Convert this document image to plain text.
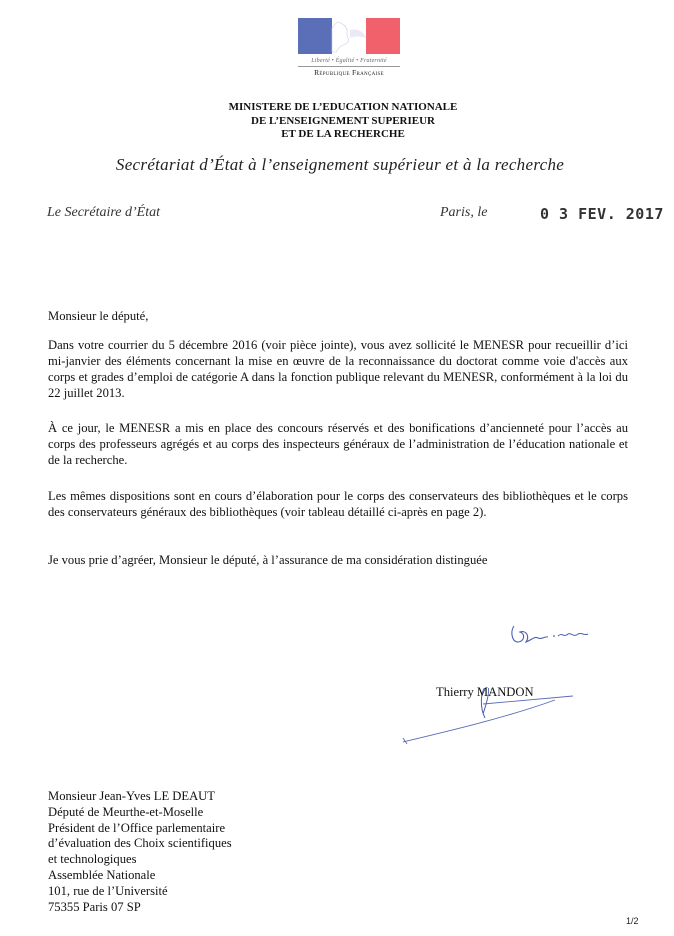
Liberté • Égalité • Fraternité
République Française
MINISTERE DE L’EDUCATION NATIONALE
DE L’ENSEIGNEMENT SUPERIEUR
ET DE LA RECHERCHE
Secrétariat d’État à l’enseignement supérieur et à la recherche
Le Secrétaire d’État	Paris, le	0 3 FEV. 2017
Monsieur le député,
Dans votre courrier du 5 décembre 2016 (voir pièce jointe), vous avez sollicité le MENESR pour recueillir d’ici mi-janvier des éléments concernant la mise en œuvre de la reconnaissance du doctorat comme voie d'accès aux corps et grades d’emploi de catégorie A dans la fonction publique relevant du MENESR, conformément à la loi du 22 juillet 2013.
À ce jour, le MENESR a mis en place des concours réservés et des bonifications d’ancienneté pour l’accès au corps des professeurs agrégés et au corps des inspecteurs généraux de l’administration de l’éducation nationale et de la recherche.
Les mêmes dispositions sont en cours d’élaboration pour le corps des conservateurs des bibliothèques et le corps des conservateurs généraux des bibliothèques (voir tableau détaillé ci-après en page 2).
Je vous prie d’agréer, Monsieur le député, à l’assurance de ma considération distinguée
Thierry MANDON
Monsieur Jean-Yves LE DEAUT
Député de Meurthe-et-Moselle
Président de l’Office parlementaire
d’évaluation des Choix scientifiques
et technologiques
Assemblée Nationale
101, rue de l’Université
75355 Paris 07 SP
1/2
